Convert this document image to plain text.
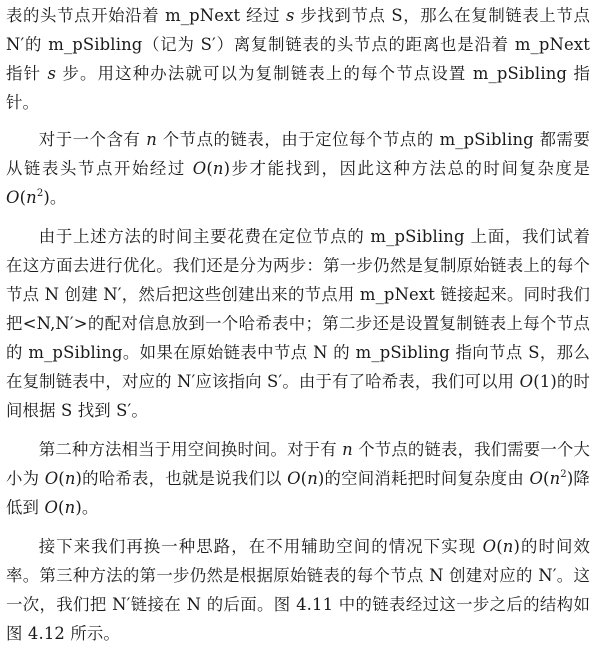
表的头节点开始沿着 m_pNext 经过 s 步找到节点 S，那么在复制链表上节点 N′的 m_pSibling（记为 S′）离复制链表的头节点的距离也是沿着 m_pNext 指针 s 步。用这种办法就可以为复制链表上的每个节点设置 m_pSibling 指针。

对于一个含有 n 个节点的链表，由于定位每个节点的 m_pSibling 都需要从链表头节点开始经过 O(n)步才能找到，因此这种方法总的时间复杂度是 $O(n^2)$。

由于上述方法的时间主要花费在定位节点的 m_pSibling 上面，我们试着在这方面去进行优化。我们还是分为两步：第一步仍然是复制原始链表上的每个节点 N 创建 N′，然后把这些创建出来的节点用 m_pNext 链接起来。同时我们把<N,N′>的配对信息放到一个哈希表中；第二步还是设置复制链表上每个节点的 m_pSibling。如果在原始链表中节点 N 的 m_pSibling 指向节点 S，那么在复制链表中，对应的 N′应该指向 S′。由于有了哈希表，我们可以用 O(1)的时间根据 S 找到 S′。

第二种方法相当于用空间换时间。对于有 n 个节点的链表，我们需要一个大小为 O(n)的哈希表，也就是说我们以 O(n)的空间消耗把时间复杂度由 $O(n^2)$降低到 O(n)。

接下来我们再换一种思路，在不用辅助空间的情况下实现 O(n)的时间效率。第三种方法的第一步仍然是根据原始链表的每个节点 N 创建对应的 N′。这一次，我们把 N′链接在 N 的后面。图 4.11 中的链表经过这一步之后的结构如图 4.12 所示。
